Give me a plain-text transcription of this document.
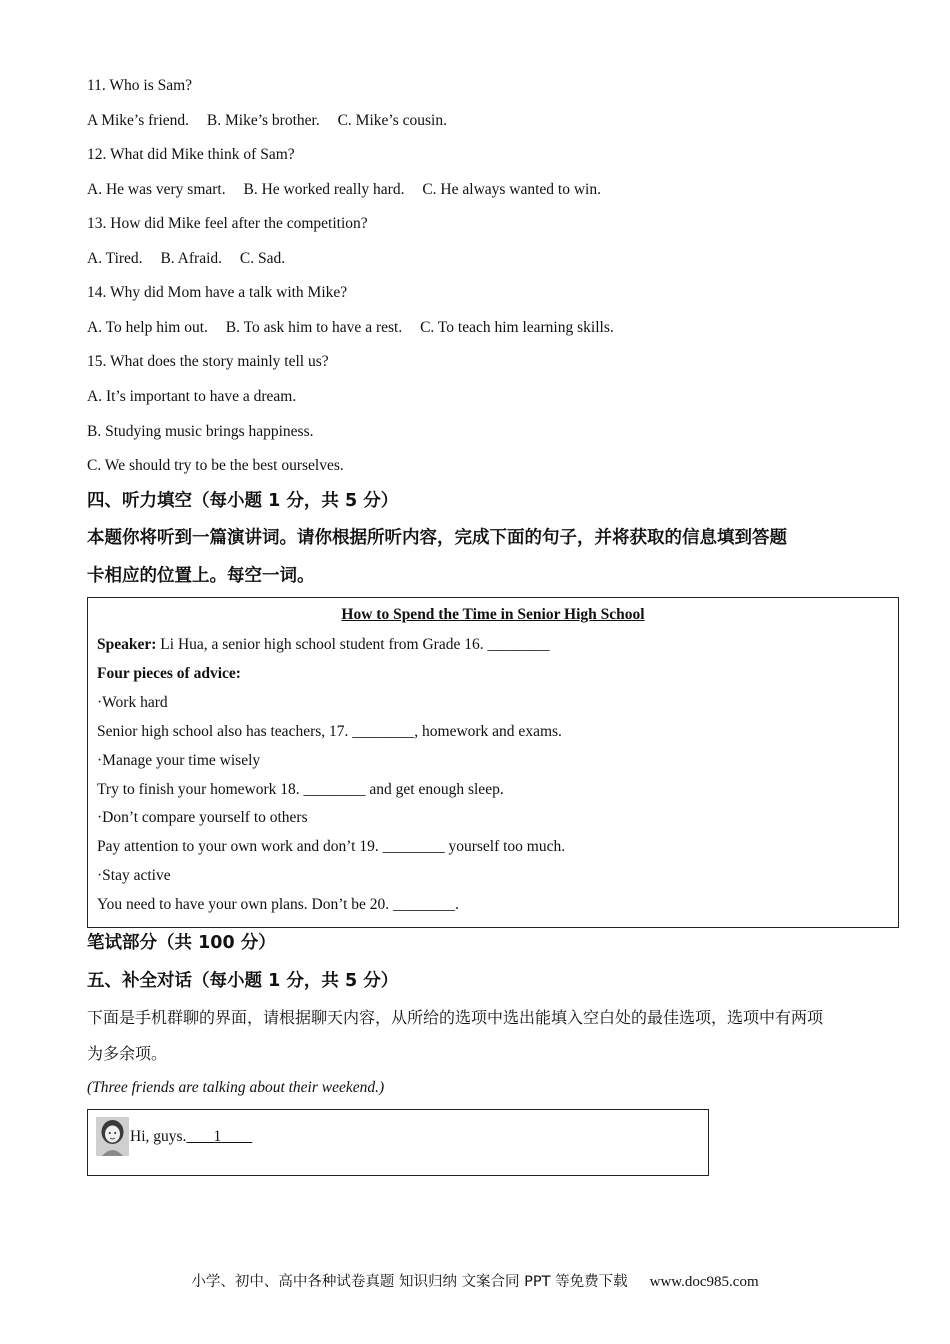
11. Who is Sam?
A Mike’s friend. B. Mike’s brother. C. Mike’s cousin.
12. What did Mike think of Sam?
A. He was very smart. B. He worked really hard. C. He always wanted to win.
13. How did Mike feel after the competition?
A. Tired. B. Afraid. C. Sad.
14. Why did Mom have a talk with Mike?
A. To help him out. B. To ask him to have a rest. C. To teach him learning skills.
15. What does the story mainly tell us?
A. It’s important to have a dream.
B. Studying music brings happiness.
C. We should try to be the best ourselves.
四、听力填空（每小题 1 分，共 5 分）
本题你将听到一篇演讲词。请你根据所听内容，完成下面的句子，并将获取的信息填到答题
卡相应的位置上。每空一词。
How to Spend the Time in Senior High School
Speaker: Li Hua, a senior high school student from Grade 16. ________
Four pieces of advice:
·Work hard
Senior high school also has teachers, 17. ________, homework and exams.
·Manage your time wisely
Try to finish your homework 18. ________ and get enough sleep.
·Don’t compare yourself to others
Pay attention to your own work and don’t 19. ________ yourself too much.
·Stay active
You need to have your own plans. Don’t be 20. ________.
笔试部分（共 100 分）
五、补全对话（每小题 1 分，共 5 分）
下面是手机群聊的界面，请根据聊天内容，从所给的选项中选出能填入空白处的最佳选项，选项中有两项
为多余项。
(Three friends are talking about their weekend.)
Hi, guys. 1
小学、初中、高中各种试卷真题 知识归纳 文案合同 PPT 等免费下载 www.doc985.com
